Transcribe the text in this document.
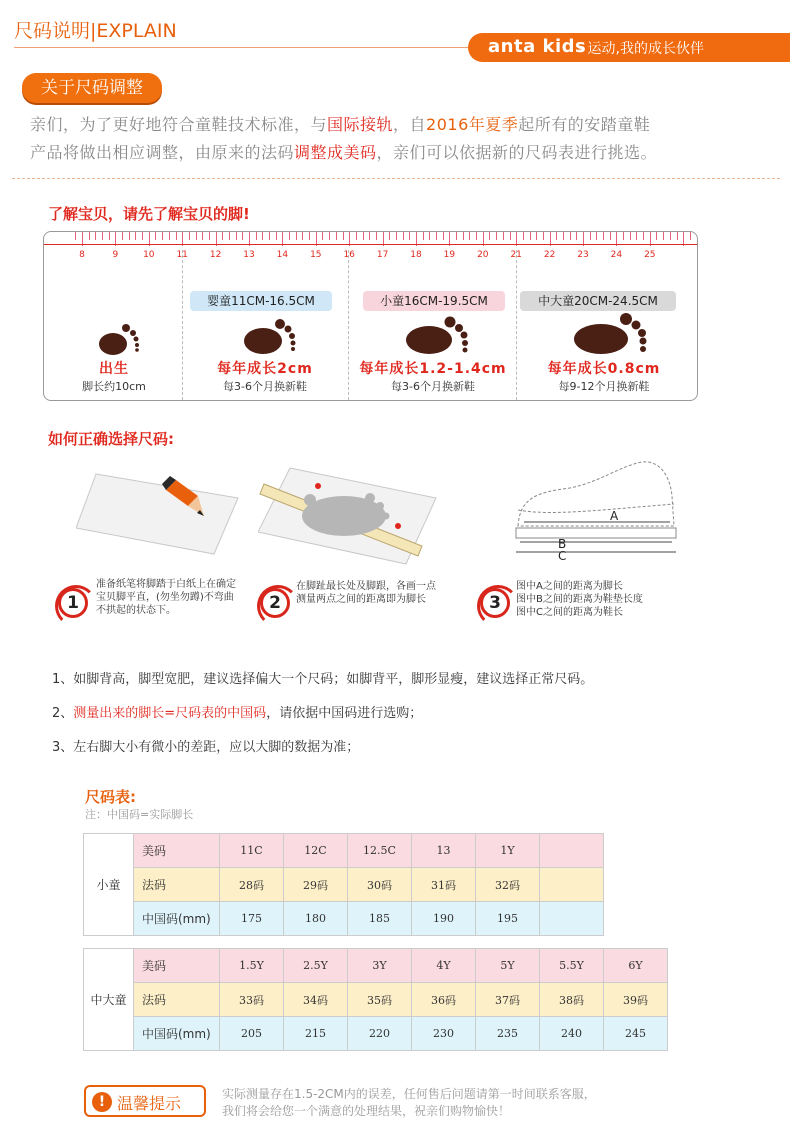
尺码说明|EXPLAIN
anta kids
- 运动,我的成长伙伴
关于尺码调整
亲们，为了更好地符合童鞋技术标准，与国际接轨，自2016年夏季起所有的安踏童鞋
产品将做出相应调整，由原来的法码调整成美码，亲们可以依据新的尺码表进行挑选。
了解宝贝，请先了解宝贝的脚!
8	9	10 11 12 13 14 15 16 17 18 19 20 21 22 23 24 25
婴童11CM-16.5CM	小童16CM-19.5CM	中大童20CM-24.5CM
出生
脚长约10cm
每年成长2cm
每3-6个月换新鞋
每年成长1.2-1.4cm
每3-6个月换新鞋
每年成长0.8cm
每9-12个月换新鞋
如何正确选择尺码:
A
B
C
1
准备纸笔将脚踏于白纸上在确定
宝贝脚平直，(勿坐勿蹲)不弯曲
不拱起的状态下。	2
在脚趾最长处及脚跟，各画一点
测量两点之间的距离即为脚长	3
图中A之间的距离为脚长
图中B之间的距离为鞋垫长度
图中C之间的距离为鞋长
1、如脚背高，脚型宽肥，建议选择偏大一个尺码；如脚背平，脚形显瘦，建议选择正常尺码。
2、测量出来的脚长=尺码表的中国码，请依据中国码进行选购；
3、左右脚大小有微小的差距，应以大脚的数据为准；
尺码表:
注：中国码=实际脚长
小童	美码	11C	12C	12.5C	13	1Y	
	法码	28码	29码	30码	31码	32码	
	中国码(mm)	175	180	185	190	195	
中大童	美码	1.5Y	2.5Y	3Y	4Y	5Y	5.5Y	6Y
	法码	33码	34码	35码	36码	37码	38码	39码
	中国码(mm)	205	215	220	230	235	240	245
! 温馨提示	实际测量存在1.5-2CM内的误差，任何售后问题请第一时间联系客服，
我们将会给您一个满意的处理结果，祝亲们购物愉快！
